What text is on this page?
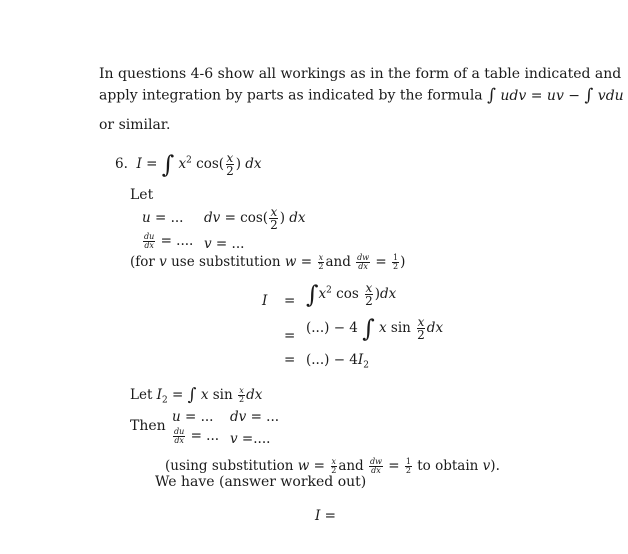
In questions 4-6 show all workings as in the form of a table indicated and
apply integration by parts as indicated by the formula ∫ udv = uv − ∫ vdu
or similar.
6.  I = ∫ $x^2$ $\cos( \frac{x}{2}$ ) dx
Let
u = ... dv = $\cos( \frac{x}{2}$ ) dx
$\frac{du}{dx}$ = .... v = ...
(for v use substitution $w = \frac{x}{2}$ and $\frac{dw}{dx} = \frac{1}{2}$ )
$I = \int x^2$ $\cos \frac{x}{2} )dx$
= (...) − 4 ∫ x $\sin \frac{x}{2}$ dx
= (...) − $4I_2$
Let $I_2$ = ∫ x $\sin \frac{x}{2}$ dx
Then
u = ... dv = ...
$\frac{du}{dx}$ = ... v =....
(using substitution $w = \frac{x}{2}$ and $\frac{dw}{dx} = \frac{1}{2}$ to obtain v).
We have (answer worked out)
I =
